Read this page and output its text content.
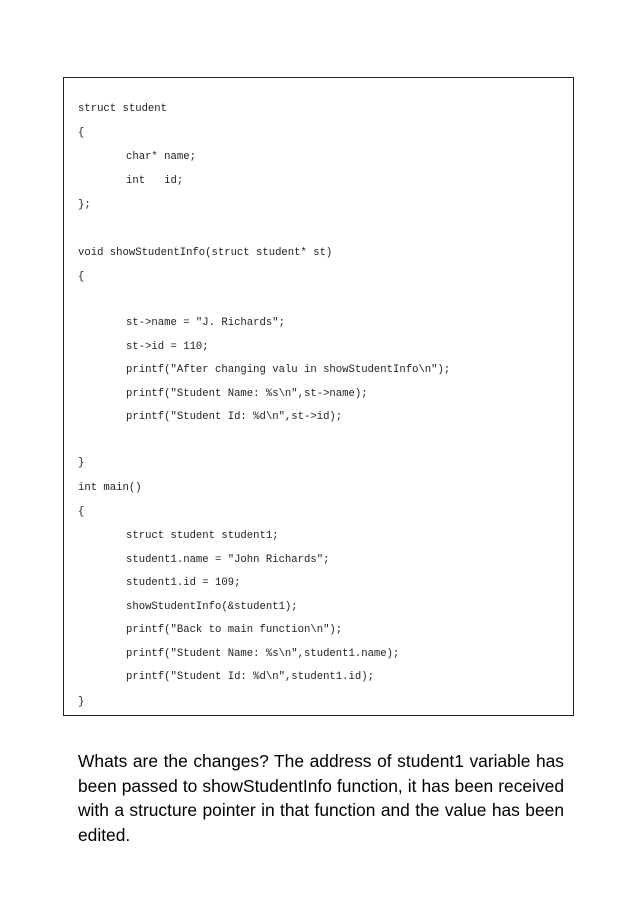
struct student
{
char* name;
int   id;
};
void showStudentInfo(struct student* st)
{
st->name = "J. Richards";
st->id = 110;
printf("After changing valu in showStudentInfo\n");
printf("Student Name: %s\n",st->name);
printf("Student Id: %d\n",st->id);
}
int main()
{
struct student student1;
student1.name = "John Richards";
student1.id = 109;
showStudentInfo(&student1);
printf("Back to main function\n");
printf("Student Name: %s\n",student1.name);
printf("Student Id: %d\n",student1.id);
}

Whats are the changes? The address of student1 variable has been passed to showStudentInfo function, it has been received with a structure pointer in that function and the value has been edited.
